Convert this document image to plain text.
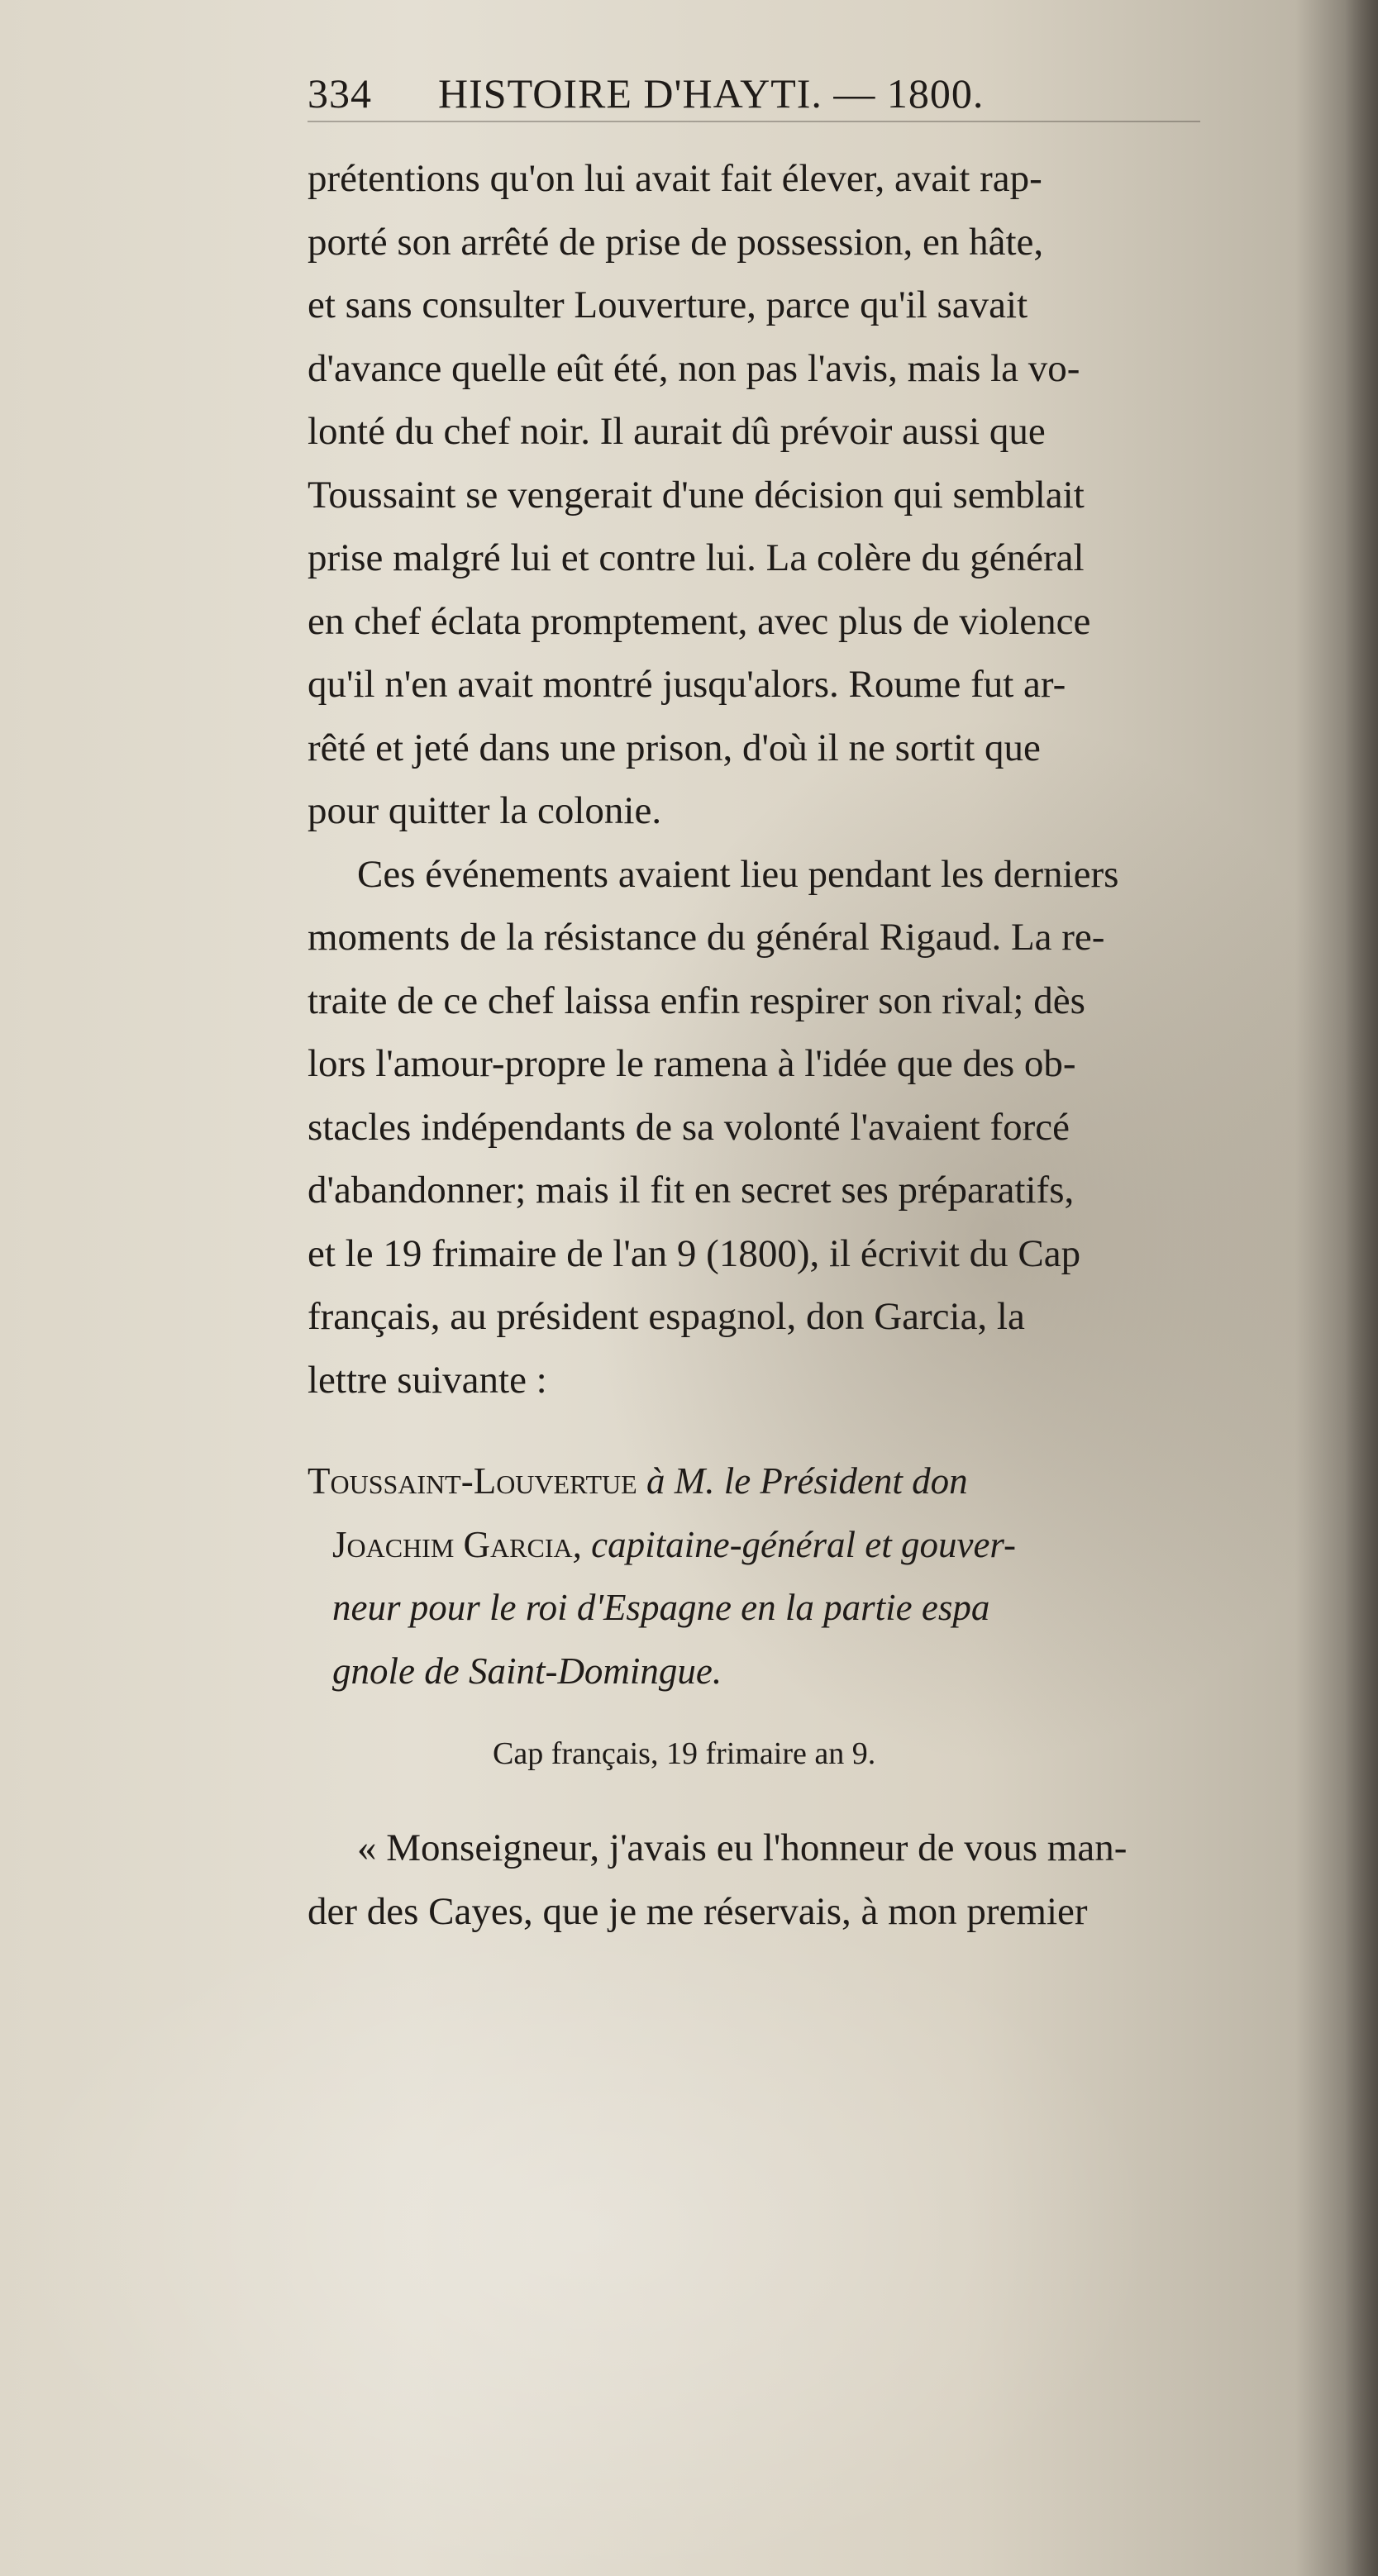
334 HISTOIRE D'HAYTI. — 1800.
prétentions qu'on lui avait fait élever, avait rap-
porté son arrêté de prise de possession, en hâte,
et sans consulter Louverture, parce qu'il savait
d'avance quelle eût été, non pas l'avis, mais la vo-
lonté du chef noir. Il aurait dû prévoir aussi que
Toussaint se vengerait d'une décision qui semblait
prise malgré lui et contre lui. La colère du général
en chef éclata promptement, avec plus de violence
qu'il n'en avait montré jusqu'alors. Roume fut ar-
rêté et jeté dans une prison, d'où il ne sortit que
pour quitter la colonie.
Ces événements avaient lieu pendant les derniers
moments de la résistance du général Rigaud. La re-
traite de ce chef laissa enfin respirer son rival; dès
lors l'amour-propre le ramena à l'idée que des ob-
stacles indépendants de sa volonté l'avaient forcé
d'abandonner; mais il fit en secret ses préparatifs,
et le 19 frimaire de l'an 9 (1800), il écrivit du Cap
français, au président espagnol, don Garcia, la
lettre suivante :
Toussaint-Louvertue à M. le Président don
Joachim Garcia, capitaine-général et gouver-
neur pour le roi d'Espagne en la partie espa
gnole de Saint-Domingue.
Cap français, 19 frimaire an 9.
« Monseigneur, j'avais eu l'honneur de vous man-
der des Cayes, que je me réservais, à mon premier
